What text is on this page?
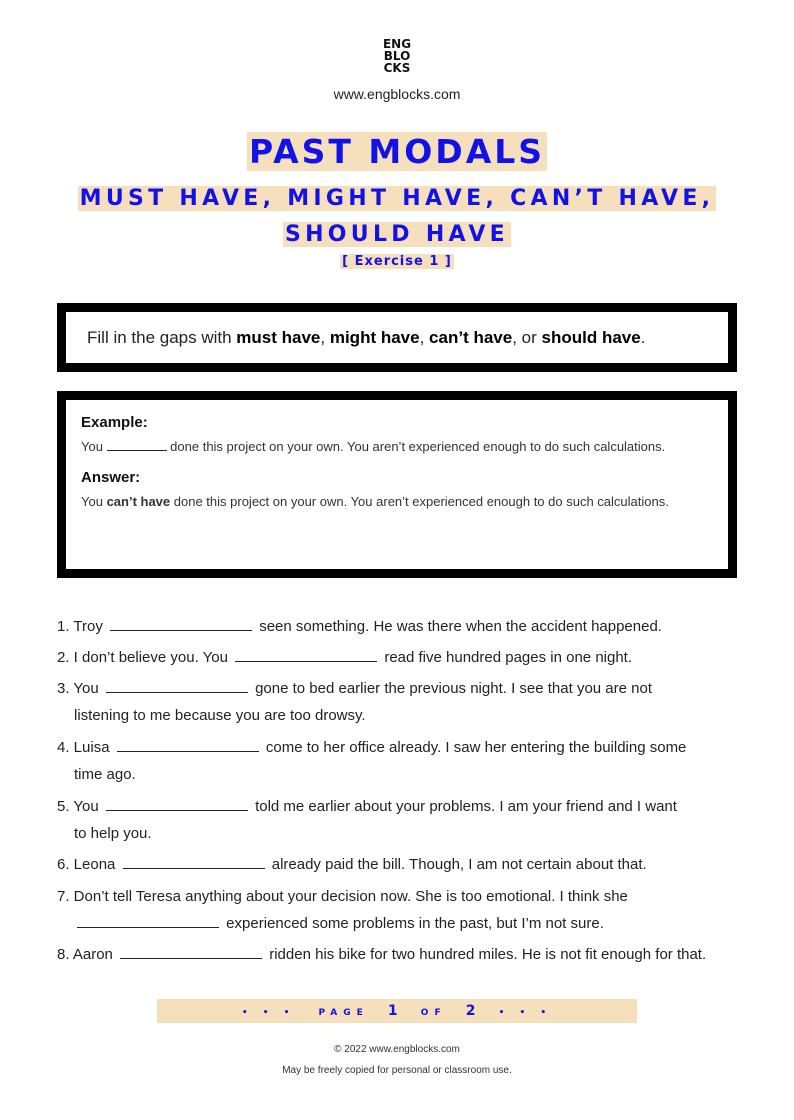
ENG
BLO
CKS
www.engblocks.com
PAST MODALS
MUST HAVE, MIGHT HAVE, CAN’T HAVE,
SHOULD HAVE
[ Exercise 1 ]
Fill in the gaps with must have, might have, can’t have, or should have.

Example:

You	done this project on your own. You aren’t experienced enough to do such calculations.

Answer:

You can’t have done this project on your own. You aren’t experienced enough to do such calculations.

1. Troy	seen something. He was there when the accident happened.
2. I don’t believe you. You	read five hundred pages in one night.
3. You	gone to bed earlier the previous night. I see that you are not
listening to me because you are too drowsy.
4. Luisa	come to her office already. I saw her entering the building some
time ago.
5. You	told me earlier about your problems. I am your friend and I want
to help you.
6. Leona	already paid the bill. Though, I am not certain about that.
7. Don’t tell Teresa anything about your decision now. She is too emotional. I think she
experienced some problems in the past, but I’m not sure.
8. Aaron	ridden his bike for two hundred miles. He is not fit enough for that.
• • •	PAGE 1	OF 2	• • •
© 2022 www.engblocks.com
May be freely copied for personal or classroom use.
